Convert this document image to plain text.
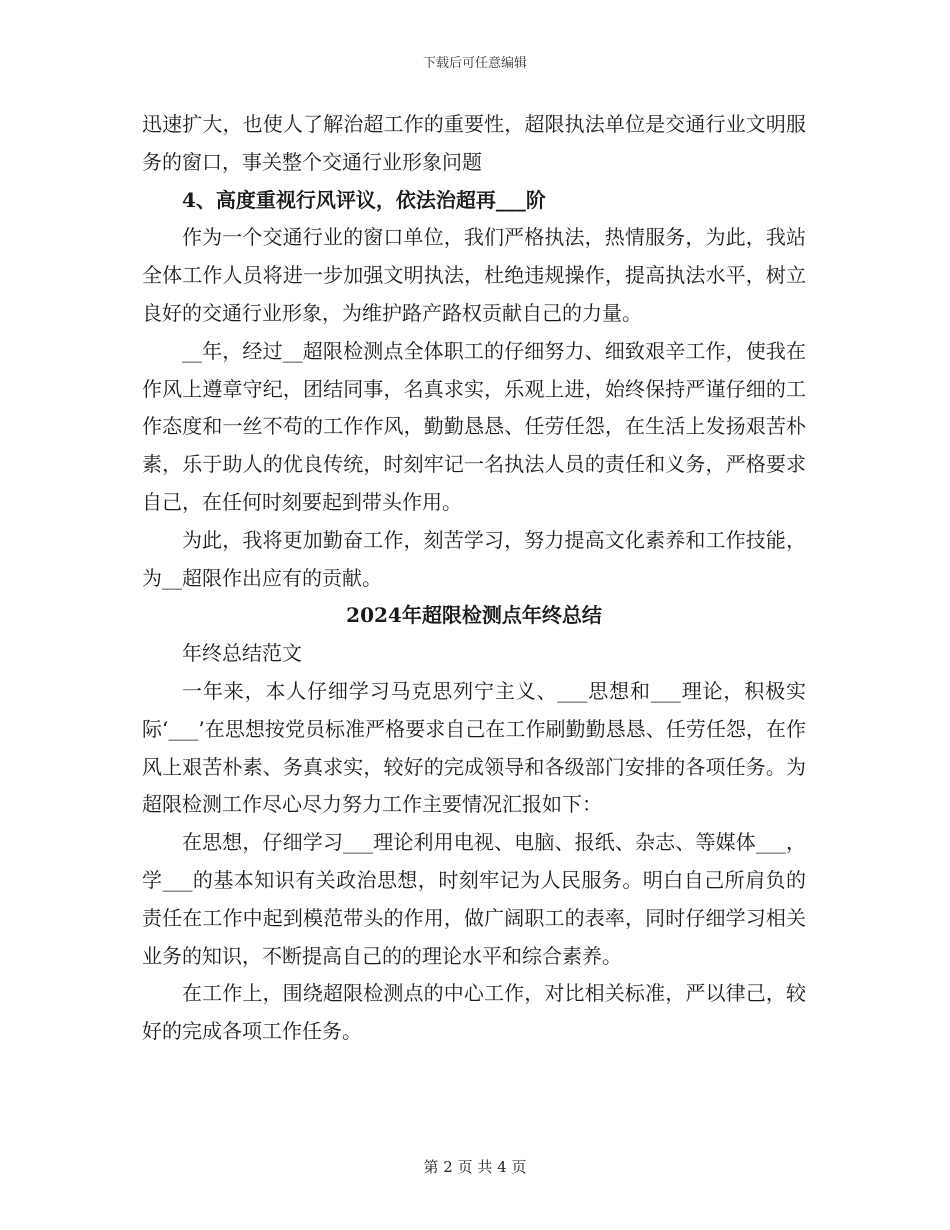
下载后可任意编辑

迅速扩大，也使人了解治超工作的重要性，超限执法单位是交通行业文明服务的窗口，事关整个交通行业形象问题

4、高度重视行风评议，依法治超再___阶

作为一个交通行业的窗口单位，我们严格执法，热情服务，为此，我站全体工作人员将进一步加强文明执法，杜绝违规操作，提高执法水平，树立良好的交通行业形象，为维护路产路权贡献自己的力量。

__年，经过__超限检测点全体职工的仔细努力、细致艰辛工作，使我在作风上遵章守纪，团结同事，名真求实，乐观上进，始终保持严谨仔细的工作态度和一丝不苟的工作作风，勤勤恳恳、任劳任怨，在生活上发扬艰苦朴素，乐于助人的优良传统，时刻牢记一名执法人员的责任和义务，严格要求自己，在任何时刻要起到带头作用。

为此，我将更加勤奋工作，刻苦学习，努力提高文化素养和工作技能，为__超限作出应有的贡献。

2024年超限检测点年终总结

年终总结范文

一年来，本人仔细学习马克思列宁主义、___思想和___理论，积极实际‘___’在思想按党员标准严格要求自己在工作刷勤勤恳恳、任劳任怨，在作风上艰苦朴素、务真求实，较好的完成领导和各级部门安排的各项任务。为超限检测工作尽心尽力努力工作主要情况汇报如下：

在思想，仔细学习___理论利用电视、电脑、报纸、杂志、等媒体___，学___的基本知识有关政治思想，时刻牢记为人民服务。明白自己所肩负的责任在工作中起到模范带头的作用，做广阔职工的表率，同时仔细学习相关业务的知识，不断提高自己的的理论水平和综合素养。

在工作上，围绕超限检测点的中心工作，对比相关标准，严以律己，较好的完成各项工作任务。

第 2 页 共 4 页
